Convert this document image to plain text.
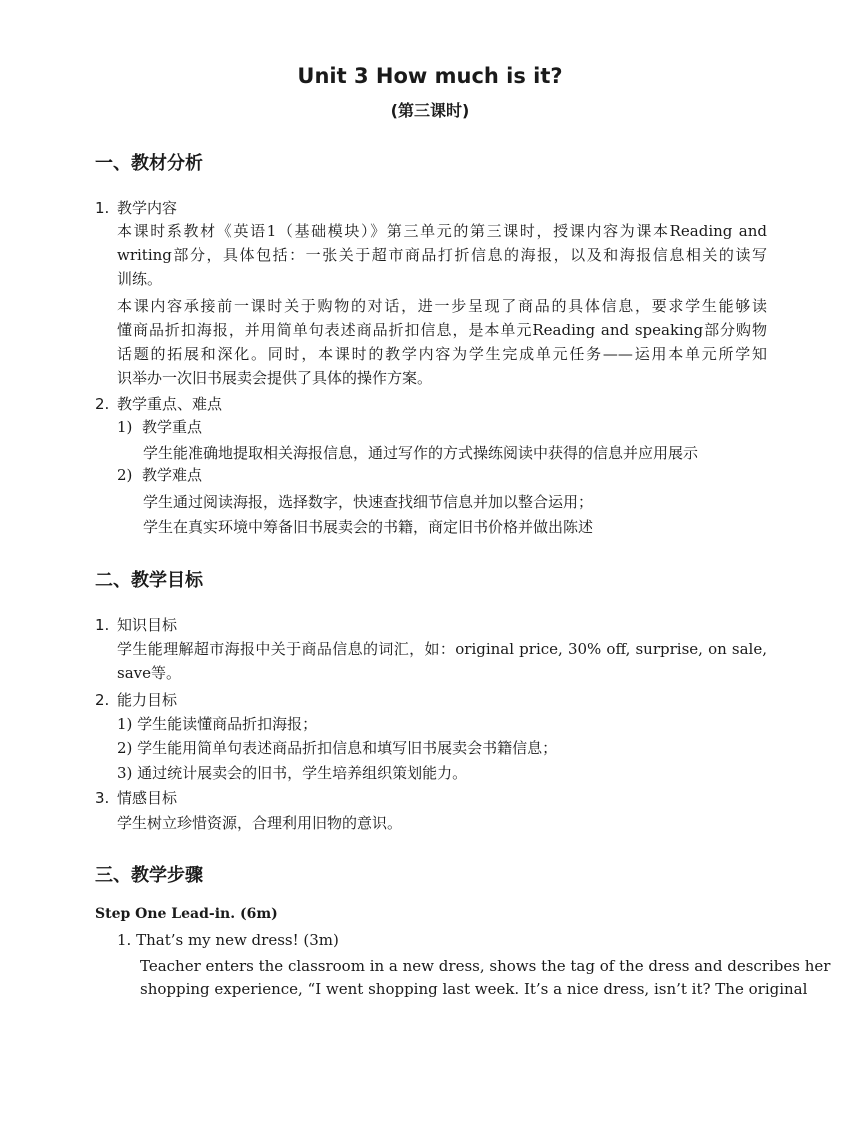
Unit 3 How much is it?
(第三课时)
一、教材分析
1. 教学内容
本课时系教材《英语1（基础模块）》第三单元的第三课时，授课内容为课本Reading and
writing部分，具体包括：一张关于超市商品打折信息的海报，以及和海报信息相关的读写
训练。
本课内容承接前一课时关于购物的对话，进一步呈现了商品的具体信息，要求学生能够读
懂商品折扣海报，并用简单句表述商品折扣信息，是本单元Reading and speaking部分购物
话题的拓展和深化。同时，本课时的教学内容为学生完成单元任务——运用本单元所学知
识举办一次旧书展卖会提供了具体的操作方案。
2. 教学重点、难点
1) 教学重点
学生能准确地提取相关海报信息，通过写作的方式操练阅读中获得的信息并应用展示
2) 教学难点
学生通过阅读海报，选择数字，快速查找细节信息并加以整合运用；
学生在真实环境中筹备旧书展卖会的书籍，商定旧书价格并做出陈述
二、教学目标
1. 知识目标
学生能理解超市海报中关于商品信息的词汇，如：original price, 30% off, surprise, on sale,
save等。
2. 能力目标
1) 学生能读懂商品折扣海报；
2) 学生能用简单句表述商品折扣信息和填写旧书展卖会书籍信息；
3) 通过统计展卖会的旧书，学生培养组织策划能力。
3. 情感目标
学生树立珍惜资源，合理利用旧物的意识。
三、教学步骤
Step One Lead-in. (6m)
1. That’s my new dress! (3m)
Teacher enters the classroom in a new dress, shows the tag of the dress and describes her
shopping experience, “I went shopping last week. It’s a nice dress, isn’t it? The original
